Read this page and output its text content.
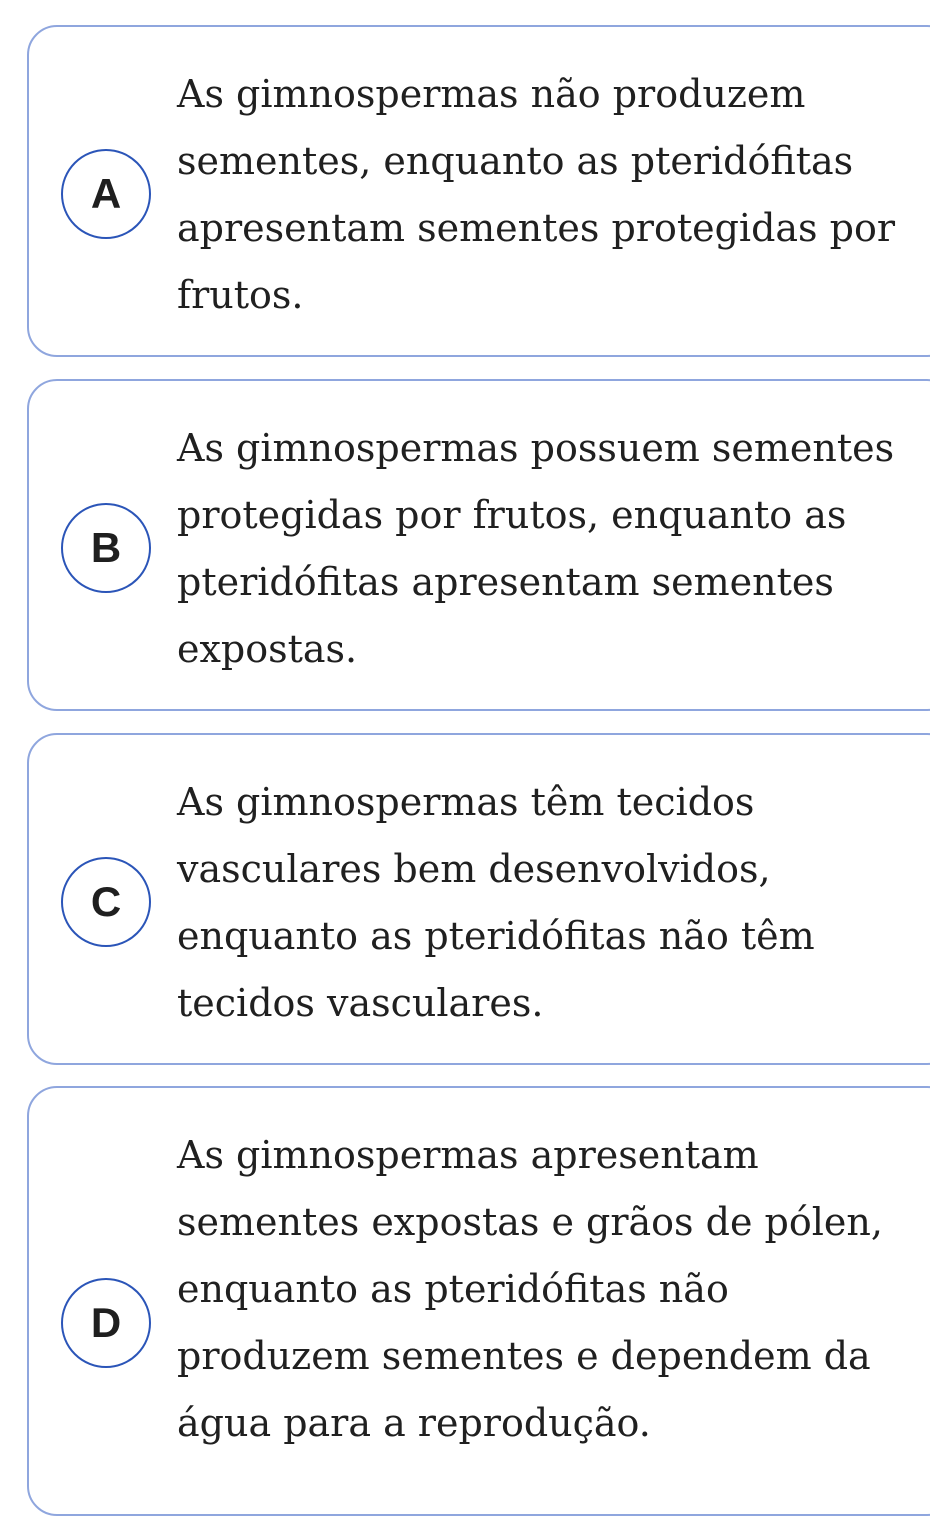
A

As gimnospermas não produzem sementes, enquanto as pteridófitas apresentam sementes protegidas por frutos.

B

As gimnospermas possuem sementes protegidas por frutos, enquanto as pteridófitas apresentam sementes expostas.

C

As gimnospermas têm tecidos vasculares bem desenvolvidos, enquanto as pteridófitas não têm tecidos vasculares.

D

As gimnospermas apresentam sementes expostas e grãos de pólen, enquanto as pteridófitas não produzem sementes e dependem da água para a reprodução.
